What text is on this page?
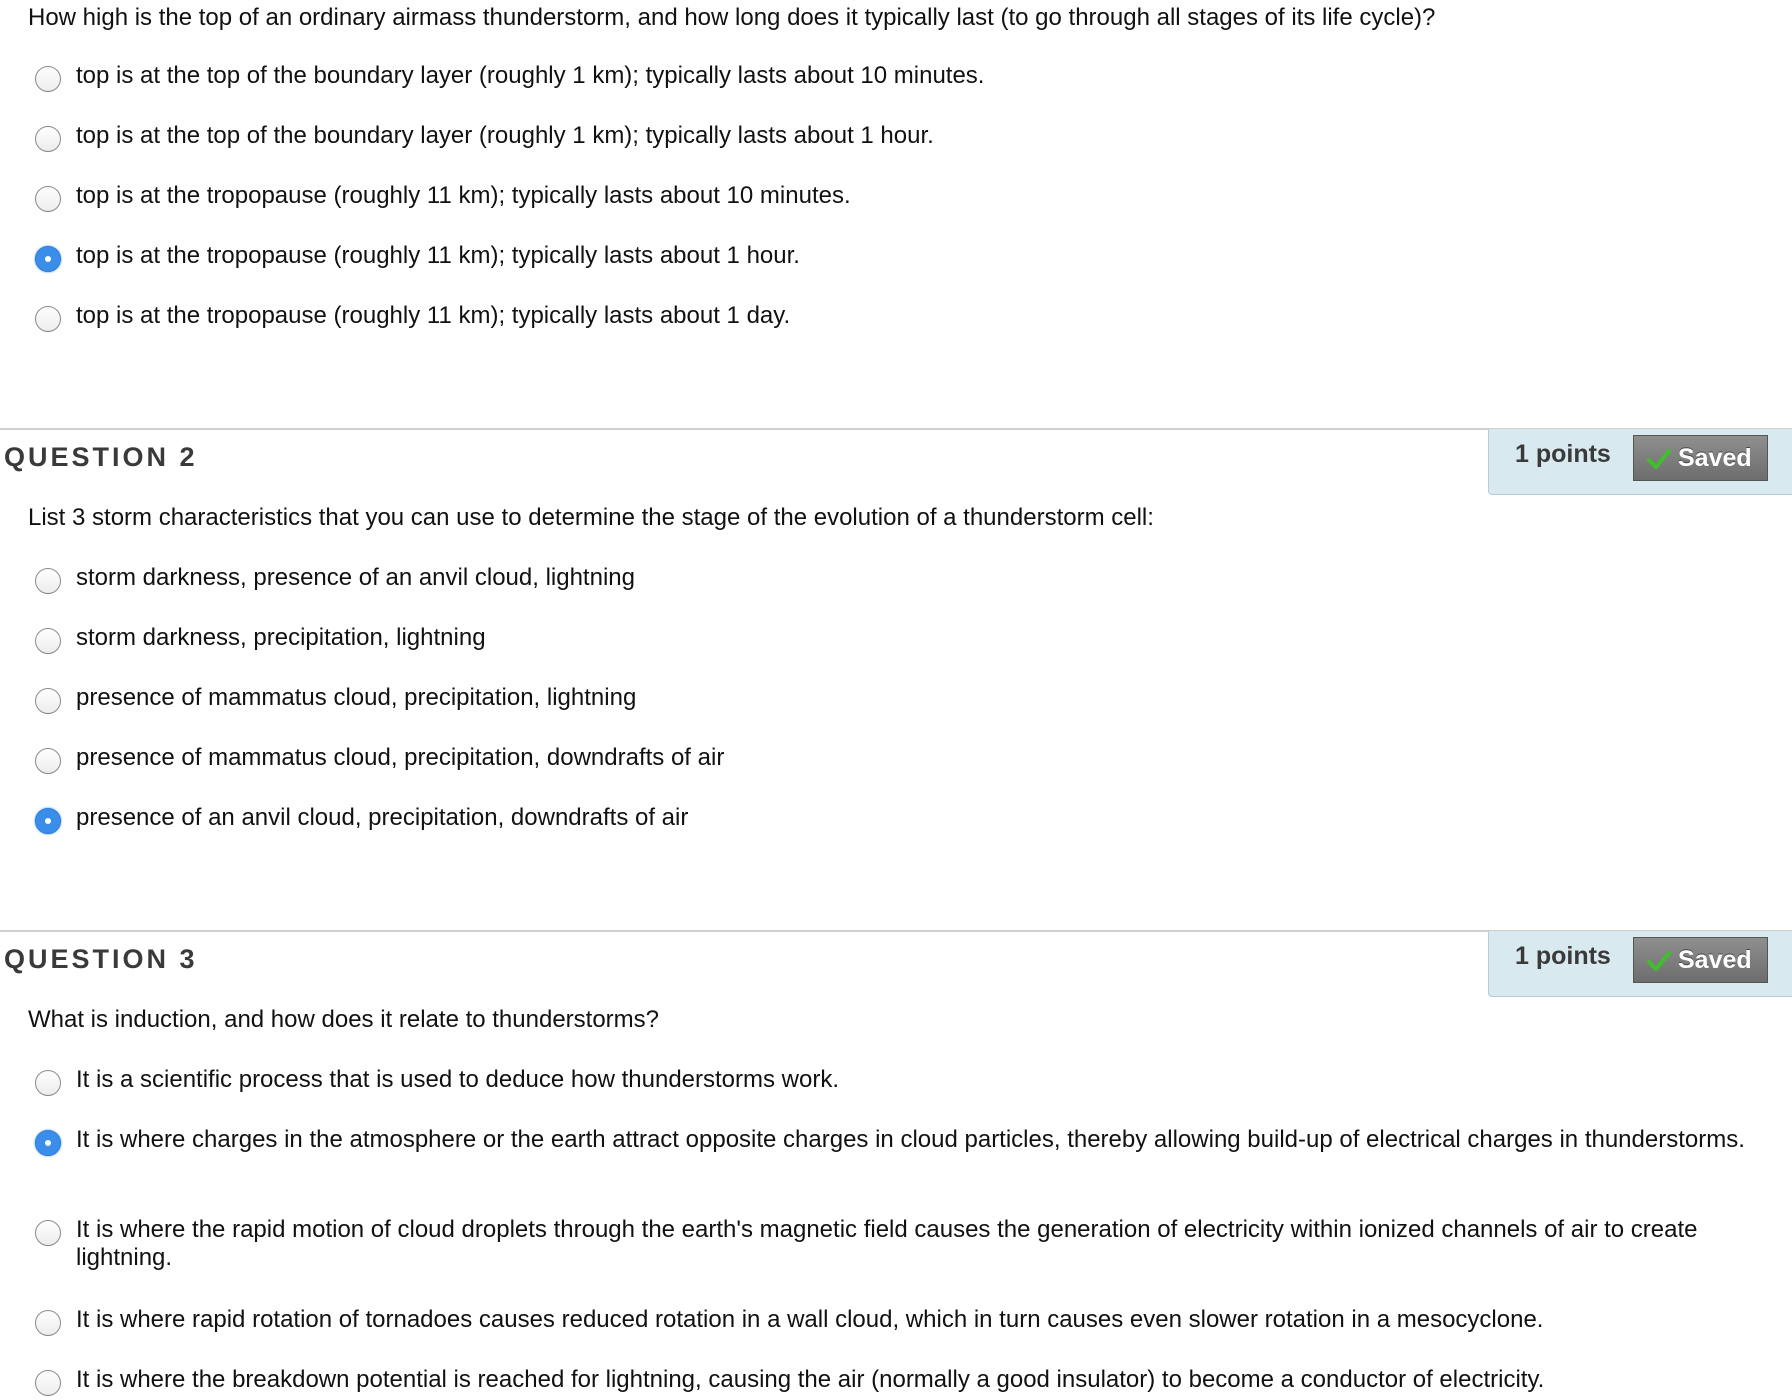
How high is the top of an ordinary airmass thunderstorm, and how long does it typically last (to go through all stages of its life cycle)?
top is at the top of the boundary layer (roughly 1 km); typically lasts about 10 minutes.
top is at the top of the boundary layer (roughly 1 km); typically lasts about 1 hour.
top is at the tropopause (roughly 11 km); typically lasts about 10 minutes.
top is at the tropopause (roughly 11 km); typically lasts about 1 hour.
top is at the tropopause (roughly 11 km); typically lasts about 1 day.
QUESTION 2	1 points	Saved
List 3 storm characteristics that you can use to determine the stage of the evolution of a thunderstorm cell:
storm darkness, presence of an anvil cloud, lightning
storm darkness, precipitation, lightning
presence of mammatus cloud, precipitation, lightning
presence of mammatus cloud, precipitation, downdrafts of air
presence of an anvil cloud, precipitation, downdrafts of air
QUESTION 3	1 points	Saved
What is induction, and how does it relate to thunderstorms?
It is a scientific process that is used to deduce how thunderstorms work.
It is where charges in the atmosphere or the earth attract opposite charges in cloud particles, thereby allowing build-up of electrical charges in thunderstorms.
It is where the rapid motion of cloud droplets through the earth's magnetic field causes the generation of electricity within ionized channels of air to create lightning.
It is where rapid rotation of tornadoes causes reduced rotation in a wall cloud, which in turn causes even slower rotation in a mesocyclone.
It is where the breakdown potential is reached for lightning, causing the air (normally a good insulator) to become a conductor of electricity.
